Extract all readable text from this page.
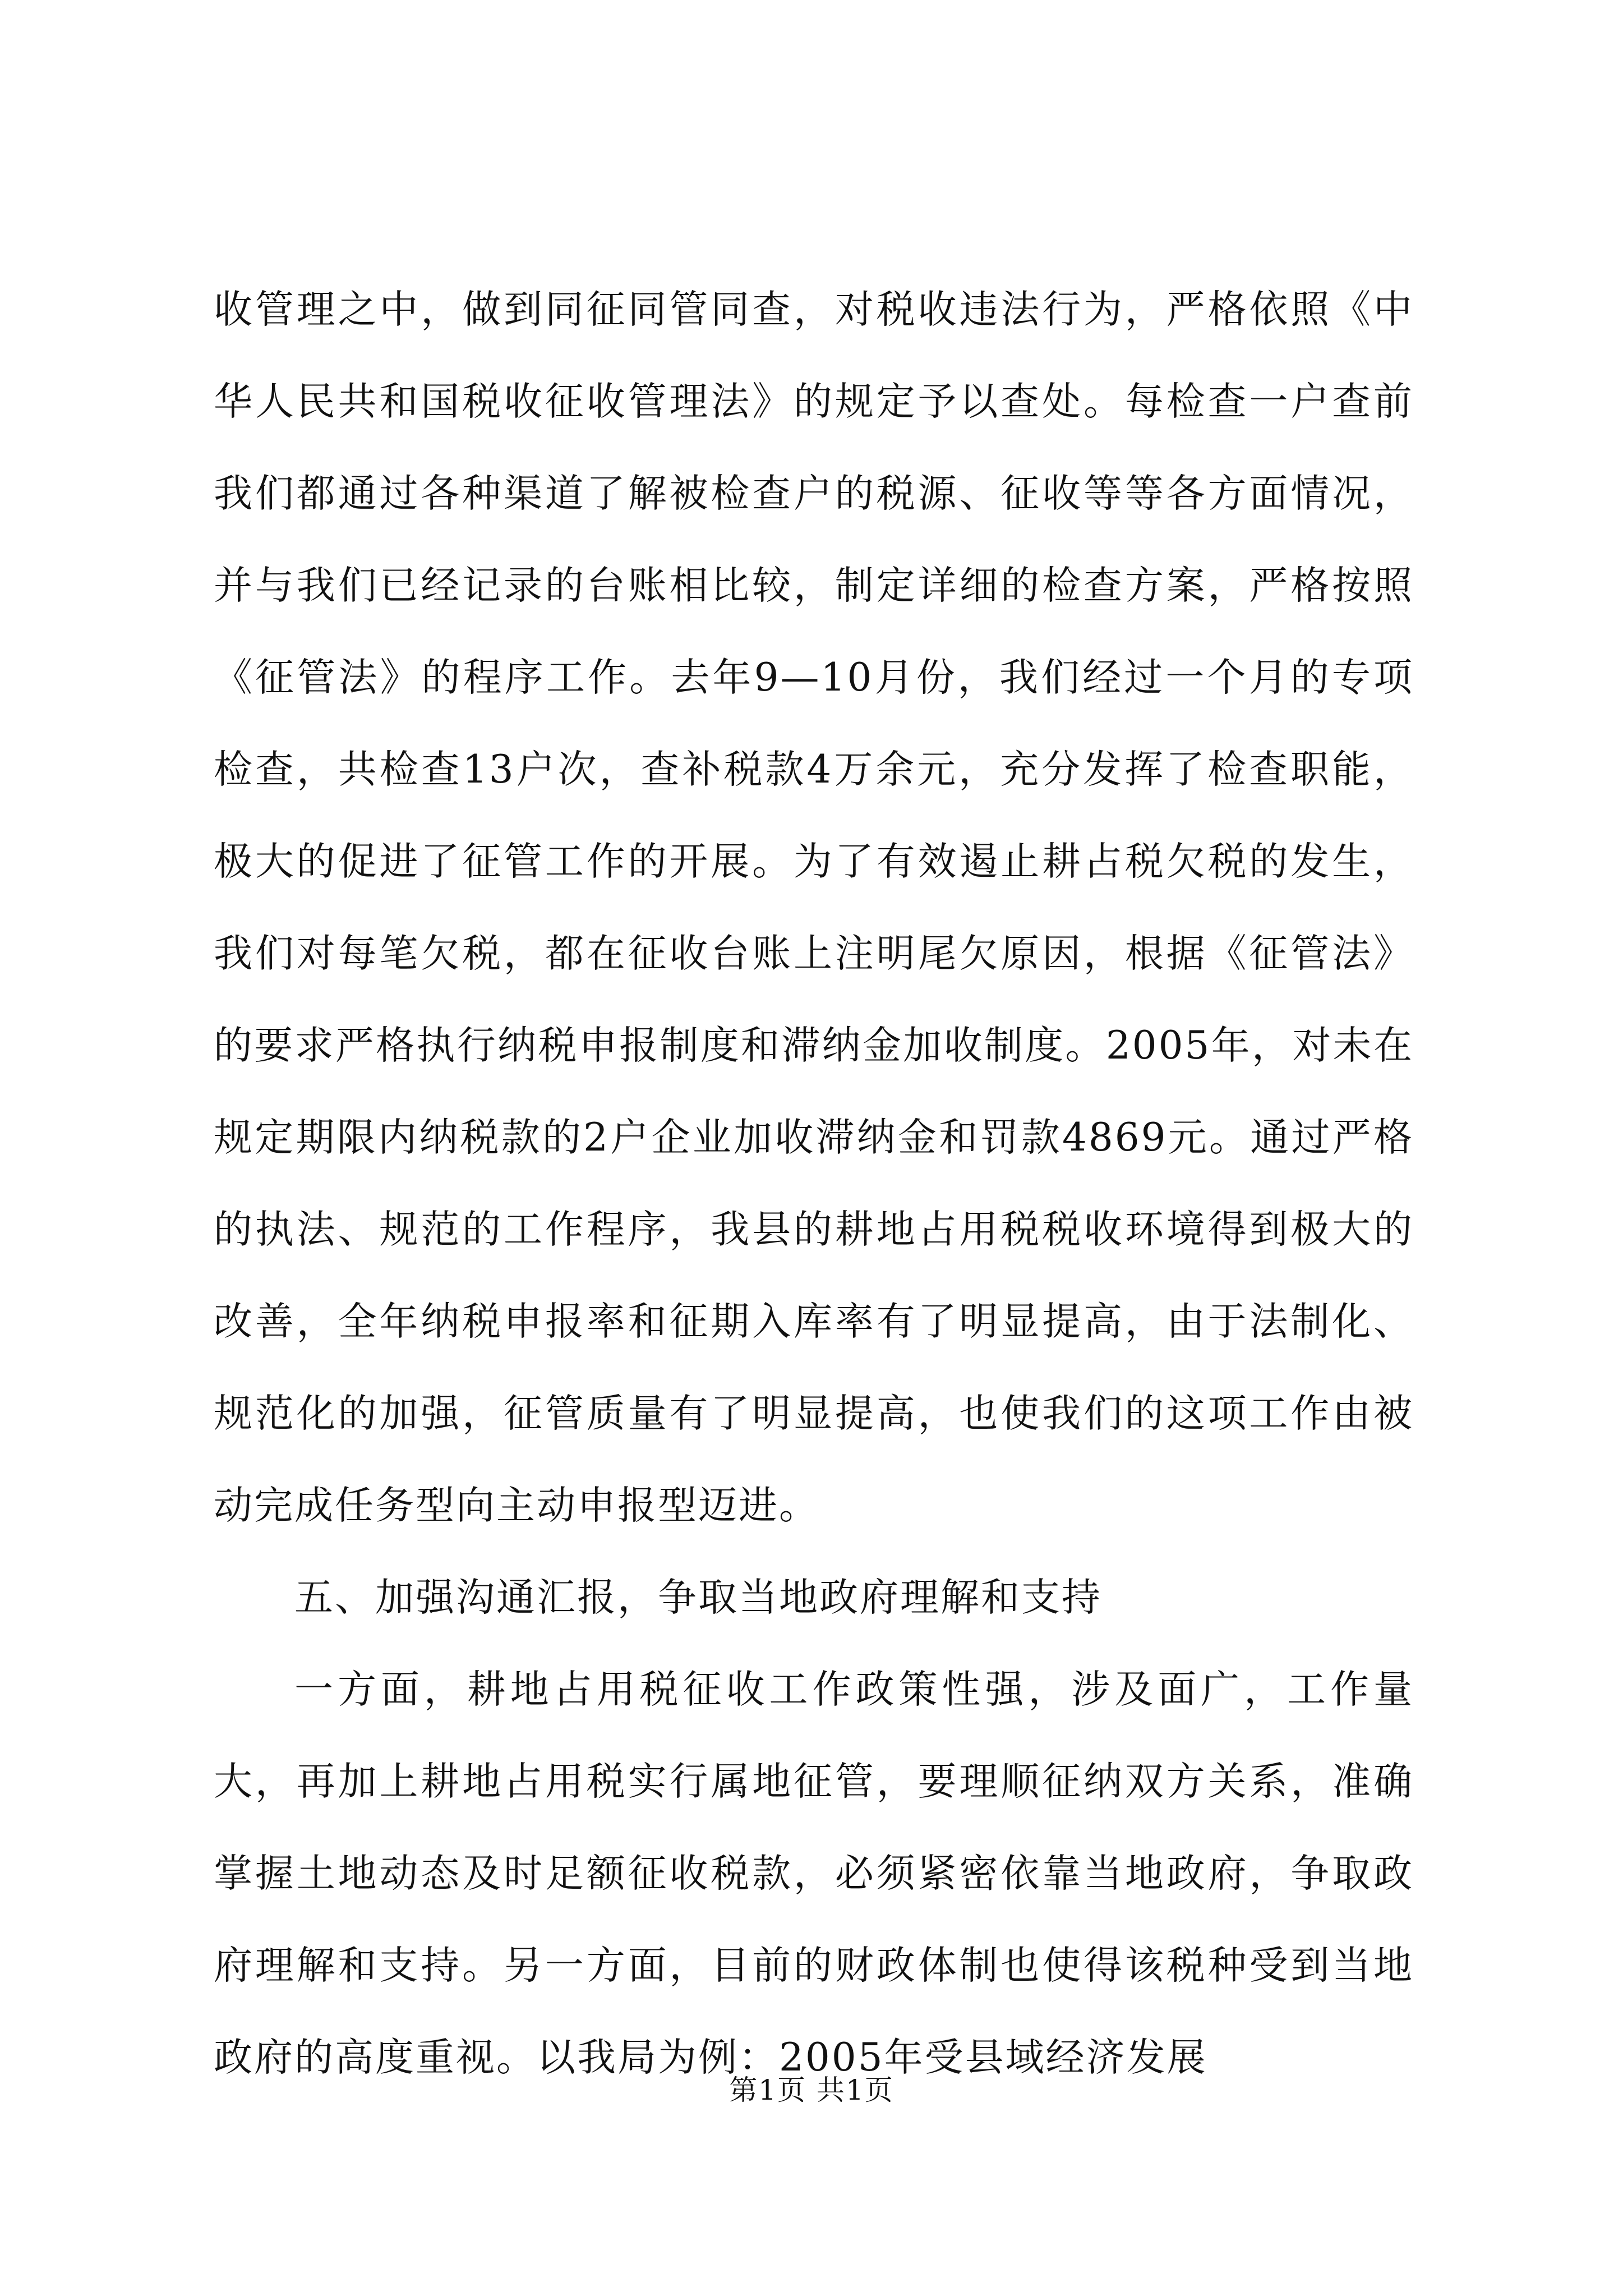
收管理之中，做到同征同管同查，对税收违法行为，严格依照《中华人民共和国税收征收管理法》的规定予以查处。每检查一户查前我们都通过各种渠道了解被检查户的税源、征收等等各方面情况，并与我们已经记录的台账相比较，制定详细的检查方案，严格按照《征管法》的程序工作。去年9—10月份，我们经过一个月的专项检查，共检查13户次，查补税款4万余元，充分发挥了检查职能，极大的促进了征管工作的开展。为了有效遏止耕占税欠税的发生，我们对每笔欠税，都在征收台账上注明尾欠原因，根据《征管法》的要求严格执行纳税申报制度和滞纳金加收制度。2005年，对未在规定期限内纳税款的2户企业加收滞纳金和罚款4869元。通过严格的执法、规范的工作程序，我县的耕地占用税税收环境得到极大的改善，全年纳税申报率和征期入库率有了明显提高，由于法制化、规范化的加强，征管质量有了明显提高，也使我们的这项工作由被动完成任务型向主动申报型迈进。

五、加强沟通汇报，争取当地政府理解和支持

一方面，耕地占用税征收工作政策性强，涉及面广，工作量大，再加上耕地占用税实行属地征管，要理顺征纳双方关系，准确掌握土地动态及时足额征收税款，必须紧密依靠当地政府，争取政府理解和支持。另一方面，目前的财政体制也使得该税种受到当地政府的高度重视。以我局为例：2005年受县域经济发展

第1页 共1页
